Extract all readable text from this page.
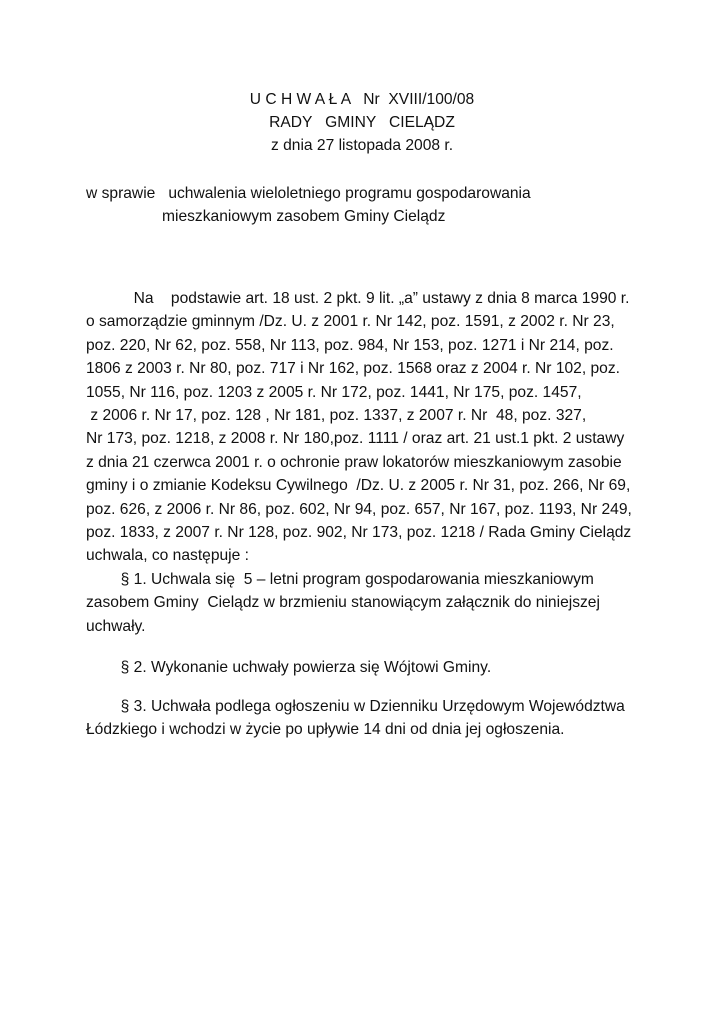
U C H W A Ł A   Nr  XVIII/100/08
RADY   GMINY   CIELĄDZ
z dnia 27 listopada 2008 r.
w sprawie   uchwalenia wieloletniego programu gospodarowania
mieszkaniowym zasobem Gminy Cielądz
Na    podstawie art. 18 ust. 2 pkt. 9 lit. „a” ustawy z dnia 8 marca 1990 r.
o samorządzie gminnym /Dz. U. z 2001 r. Nr 142, poz. 1591, z 2002 r. Nr 23,
poz. 220, Nr 62, poz. 558, Nr 113, poz. 984, Nr 153, poz. 1271 i Nr 214, poz.
1806 z 2003 r. Nr 80, poz. 717 i Nr 162, poz. 1568 oraz z 2004 r. Nr 102, poz.
1055, Nr 116, poz. 1203 z 2005 r. Nr 172, poz. 1441, Nr 175, poz. 1457,
z 2006 r. Nr 17, poz. 128 , Nr 181, poz. 1337, z 2007 r. Nr  48, poz. 327,
Nr 173, poz. 1218, z 2008 r. Nr 180,poz. 1111 / oraz art. 21 ust.1 pkt. 2 ustawy
z dnia 21 czerwca 2001 r. o ochronie praw lokatorów mieszkaniowym zasobie
gminy i o zmianie Kodeksu Cywilnego  /Dz. U. z 2005 r. Nr 31, poz. 266, Nr 69,
poz. 626, z 2006 r. Nr 86, poz. 602, Nr 94, poz. 657, Nr 167, poz. 1193, Nr 249,
poz. 1833, z 2007 r. Nr 128, poz. 902, Nr 173, poz. 1218 / Rada Gminy Cielądz
uchwala, co następuje :
§ 1. Uchwala się  5 – letni program gospodarowania mieszkaniowym
zasobem Gminy  Cielądz w brzmieniu stanowiącym załącznik do niniejszej
uchwały.
§ 2. Wykonanie uchwały powierza się Wójtowi Gminy.
§ 3. Uchwała podlega ogłoszeniu w Dzienniku Urzędowym Województwa
Łódzkiego i wchodzi w życie po upływie 14 dni od dnia jej ogłoszenia.
